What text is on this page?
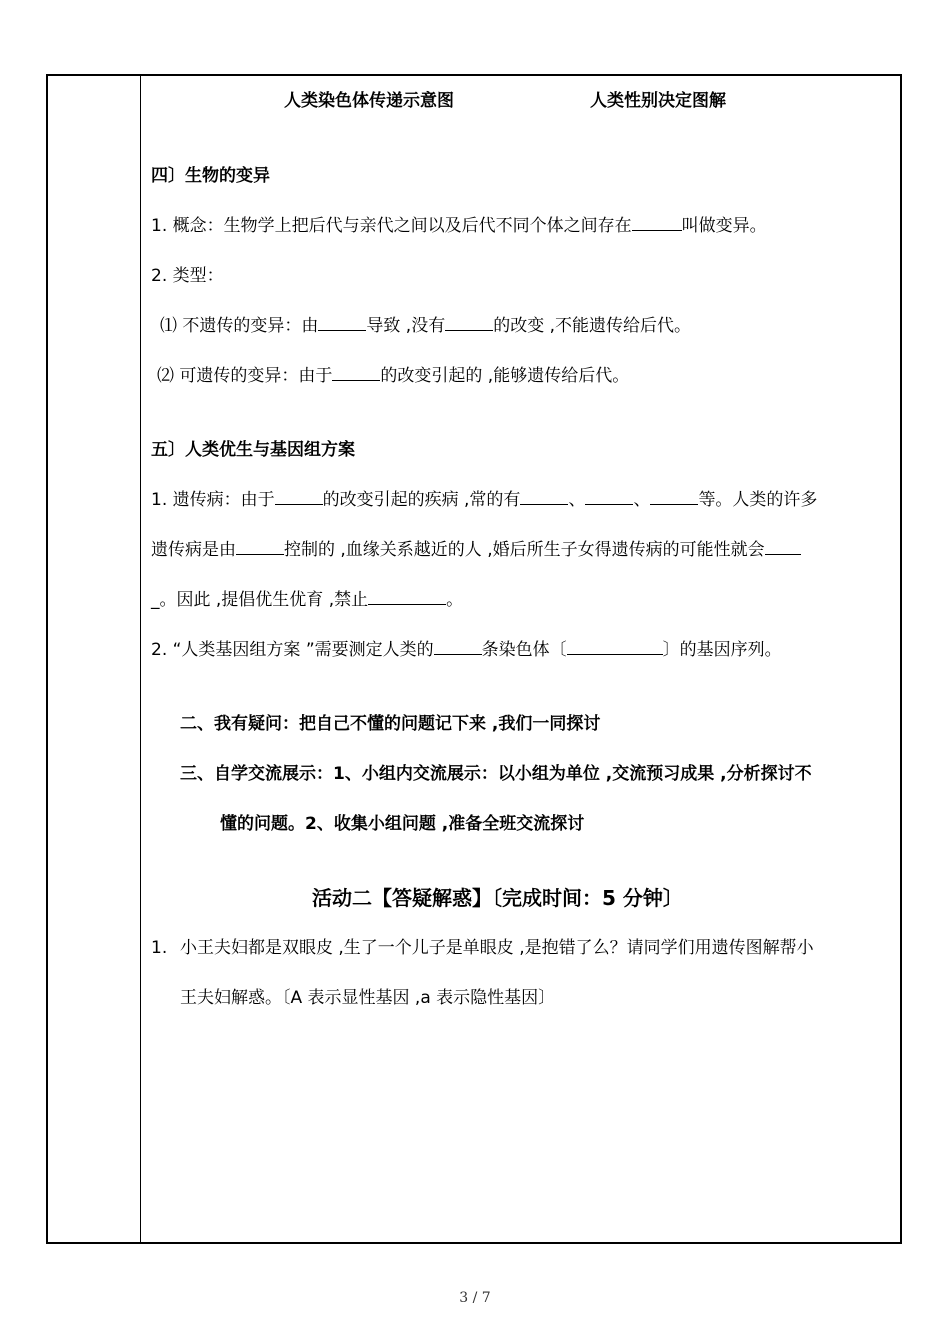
人类染色体传递示意图	人类性别决定图解
四〕生物的变异
1. 概念：生物学上把后代与亲代之间以及后代不同个体之间存在	叫做变异。
2. 类型：
⑴ 不遗传的变异：由	导致 ,没有	的改变 ,不能遗传给后代。
⑵ 可遗传的变异：由于	的改变引起的 ,能够遗传给后代。
五〕人类优生与基因组方案
1. 遗传病：由于	的改变引起的疾病 ,常的有	、	、	等。人类的许多
遗传病是由	控制的 ,血缘关系越近的人 ,婚后所生子女得遗传病的可能性就会
_。因此 ,提倡优生优育 ,禁止	。
2. “人类基因组方案 ”需要测定人类的	条染色体〔	〕的基因序列。
二、我有疑问：把自己不懂的问题记下来 ,我们一同探讨
三、自学交流展示：1、小组内交流展示：以小组为单位 ,交流预习成果 ,分析探讨不
懂的问题。2、收集小组问题 ,准备全班交流探讨
活动二【答疑解惑】〔完成时间：5 分钟〕
1. 小王夫妇都是双眼皮 ,生了一个儿子是单眼皮 ,是抱错了么？请同学们用遗传图解帮小
王夫妇解惑。〔A 表示显性基因 ,a 表示隐性基因〕
3 / 7
